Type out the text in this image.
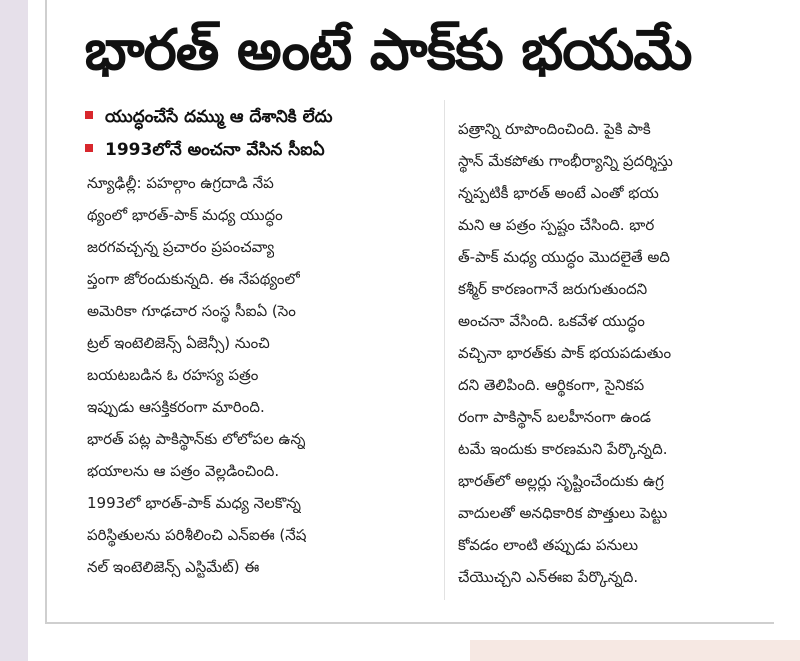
భారత్ అంటే పాక్‌కు భయమే
యుద్ధంచేసే దమ్ము ఆ దేశానికి లేదు
1993లోనే అంచనా వేసిన సీఐఏ
న్యూఢిల్లీ: పహల్గాం ఉగ్రదాడి నేప
థ్యంలో భారత్‌-పాక్‌ మధ్య యుద్ధం
జరగవచ్చన్న ప్రచారం ప్రపంచవ్యా
ప్తంగా జోరందుకున్నది. ఈ నేపథ్యంలో
అమెరికా గూఢచార సంస్థ సీఐఏ (సెం
ట్రల్‌ ఇంటెలిజెన్స్‌ ఏజెన్సీ) నుంచి
బయటబడిన ఓ రహస్య పత్రం
ఇప్పుడు ఆసక్తికరంగా మారింది.
భారత్‌ పట్ల పాకిస్థాన్‌కు లోలోపల ఉన్న
భయాలను ఆ పత్రం వెల్లడించింది.
1993లో భారత్‌-పాక్‌ మధ్య నెలకొన్న
పరిస్థితులను పరిశీలించి ఎన్‌ఐఈ (నేష
నల్‌ ఇంటెలిజెన్స్‌ ఎస్టిమేట్‌) ఈ
పత్రాన్ని రూపొందించింది. పైకి పాకి
స్థాన్‌ మేకపోతు గాంభీర్యాన్ని ప్రదర్శిస్తు
న్నప్పటికీ భారత్‌ అంటే ఎంతో భయ
మని ఆ పత్రం స్పష్టం చేసింది. భార
త్‌-పాక్‌ మధ్య యుద్ధం మొదలైతే అది
కశ్మీర్‌ కారణంగానే జరుగుతుందని
అంచనా వేసింది. ఒకవేళ యుద్ధం
వచ్చినా భారత్‌కు పాక్‌ భయపడుతుం
దని తెలిపింది. ఆర్థికంగా, సైనికప
రంగా పాకిస్థాన్‌ బలహీనంగా ఉండ
టమే ఇందుకు కారణమని పేర్కొన్నది.
భారత్‌లో అల్లర్లు సృష్టించేందుకు ఉగ్ర
వాదులతో అనధికారిక పొత్తులు పెట్టు
కోవడం లాంటి తప్పుడు పనులు
చేయొచ్చని ఎన్‌ఈఐ పేర్కొన్నది.
